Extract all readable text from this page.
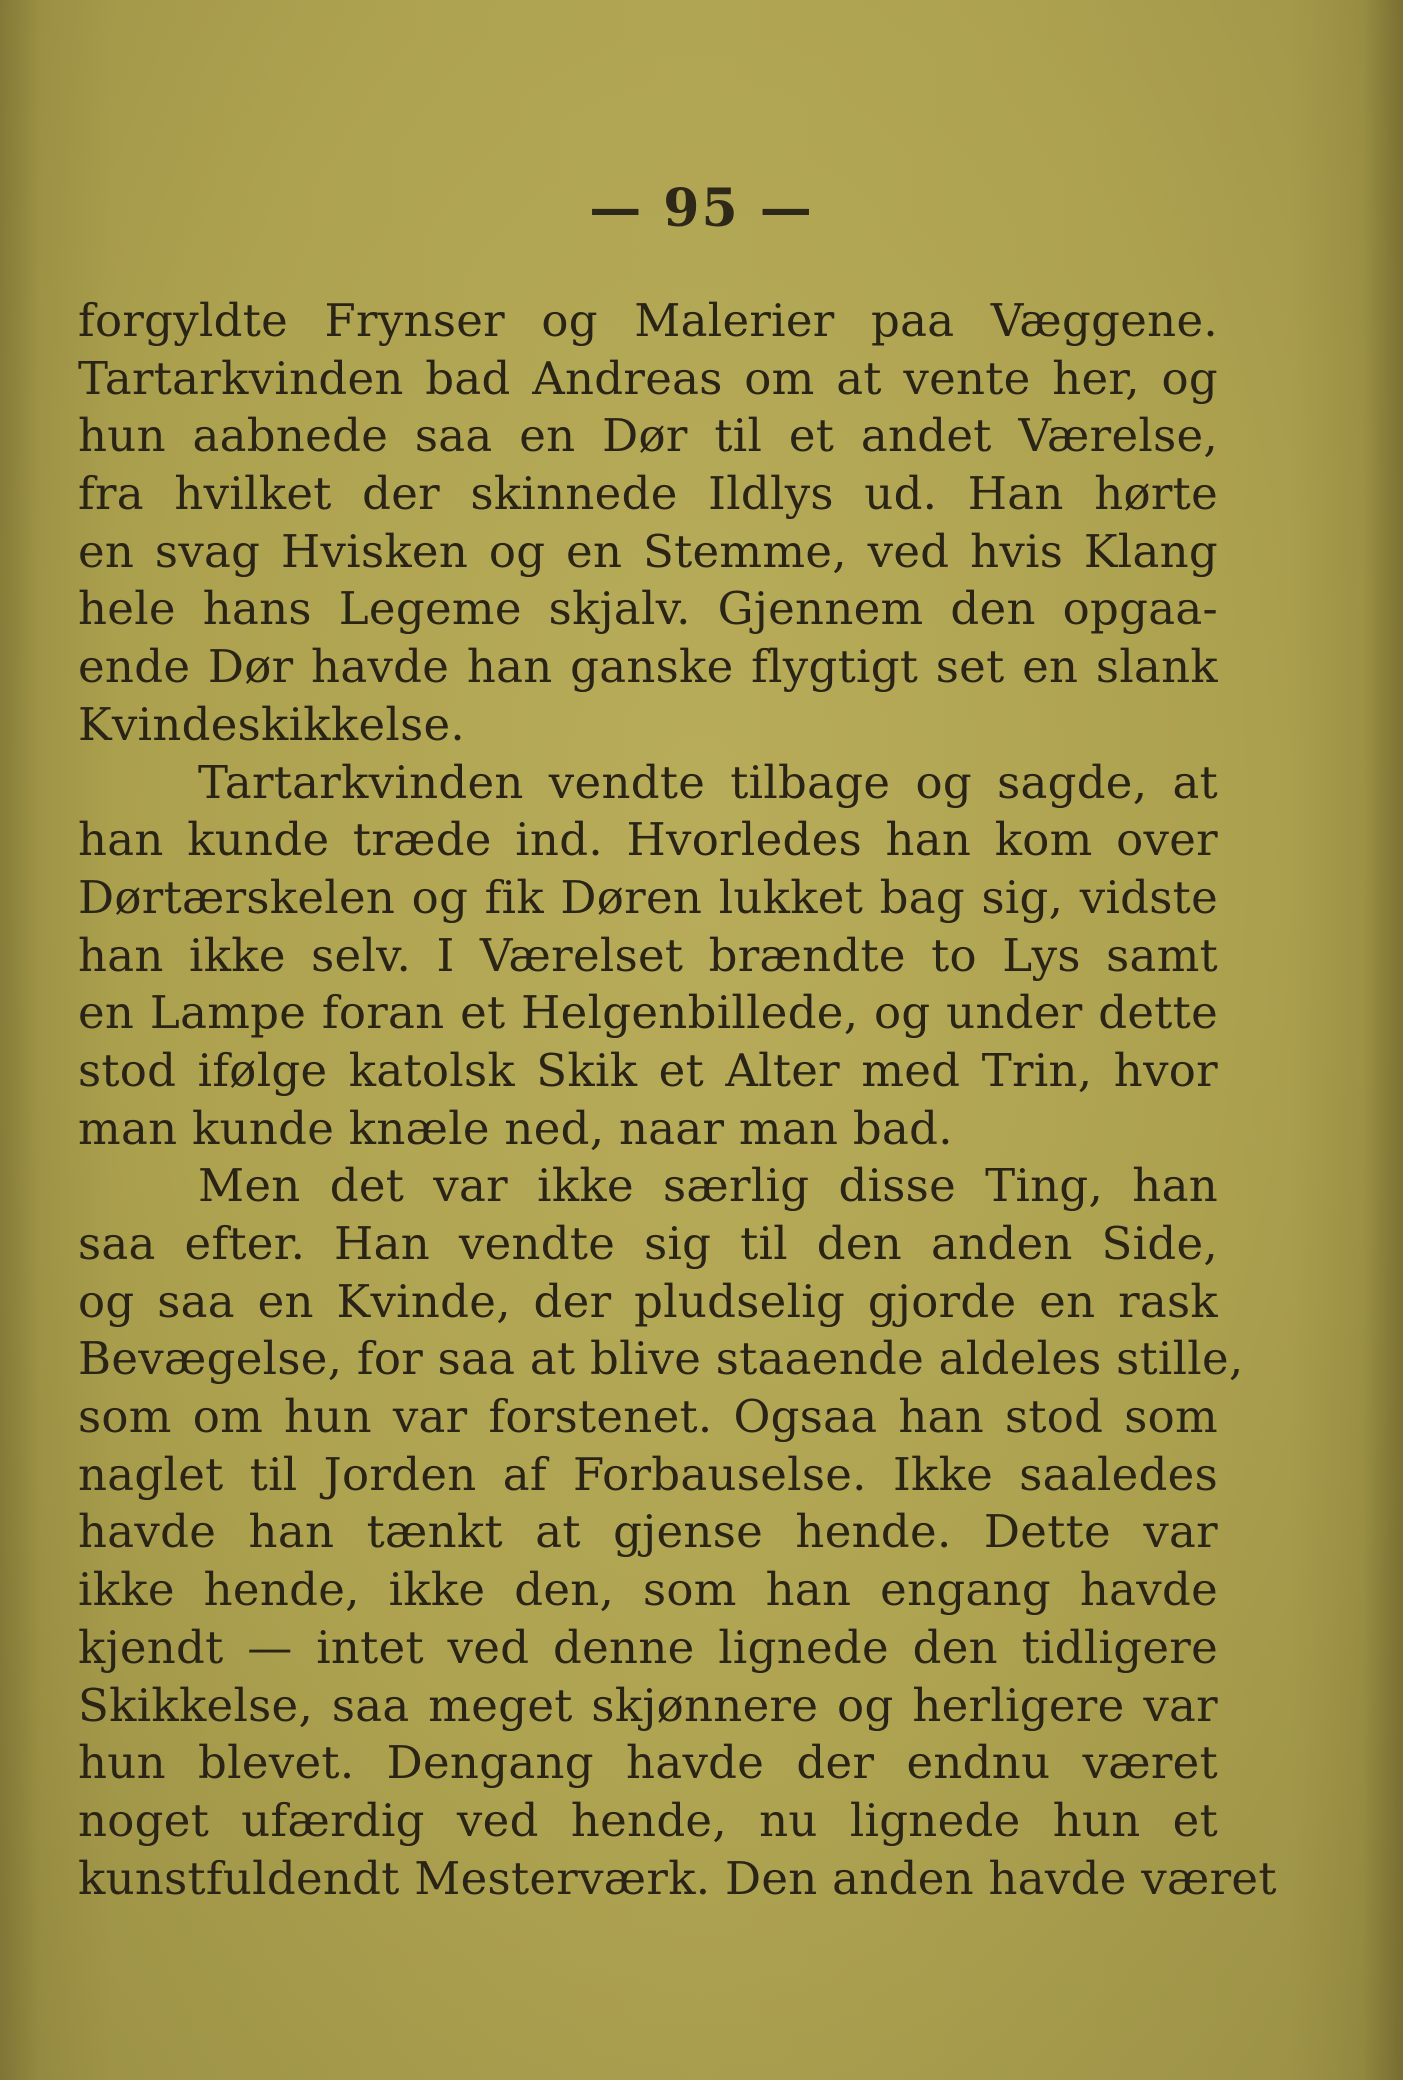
— 95 —
forgyldte Frynser og Malerier paa Væggene.
Tartarkvinden bad Andreas om at vente her, og
hun aabnede saa en Dør til et andet Værelse,
fra hvilket der skinnede Ildlys ud. Han hørte
en svag Hvisken og en Stemme, ved hvis Klang
hele hans Legeme skjalv. Gjennem den opgaa-
ende Dør havde han ganske flygtigt set en slank
Kvindeskikkelse.
Tartarkvinden vendte tilbage og sagde, at
han kunde træde ind. Hvorledes han kom over
Dørtærskelen og fik Døren lukket bag sig, vidste
han ikke selv. I Værelset brændte to Lys samt
en Lampe foran et Helgenbillede, og under dette
stod ifølge katolsk Skik et Alter med Trin, hvor
man kunde knæle ned, naar man bad.
Men det var ikke særlig disse Ting, han
saa efter. Han vendte sig til den anden Side,
og saa en Kvinde, der pludselig gjorde en rask
Bevægelse, for saa at blive staaende aldeles stille,
som om hun var forstenet. Ogsaa han stod som
naglet til Jorden af Forbauselse. Ikke saaledes
havde han tænkt at gjense hende. Dette var
ikke hende, ikke den, som han engang havde
kjendt — intet ved denne lignede den tidligere
Skikkelse, saa meget skjønnere og herligere var
hun blevet. Dengang havde der endnu været
noget ufærdig ved hende, nu lignede hun et
kunstfuldendt Mesterværk. Den anden havde været
